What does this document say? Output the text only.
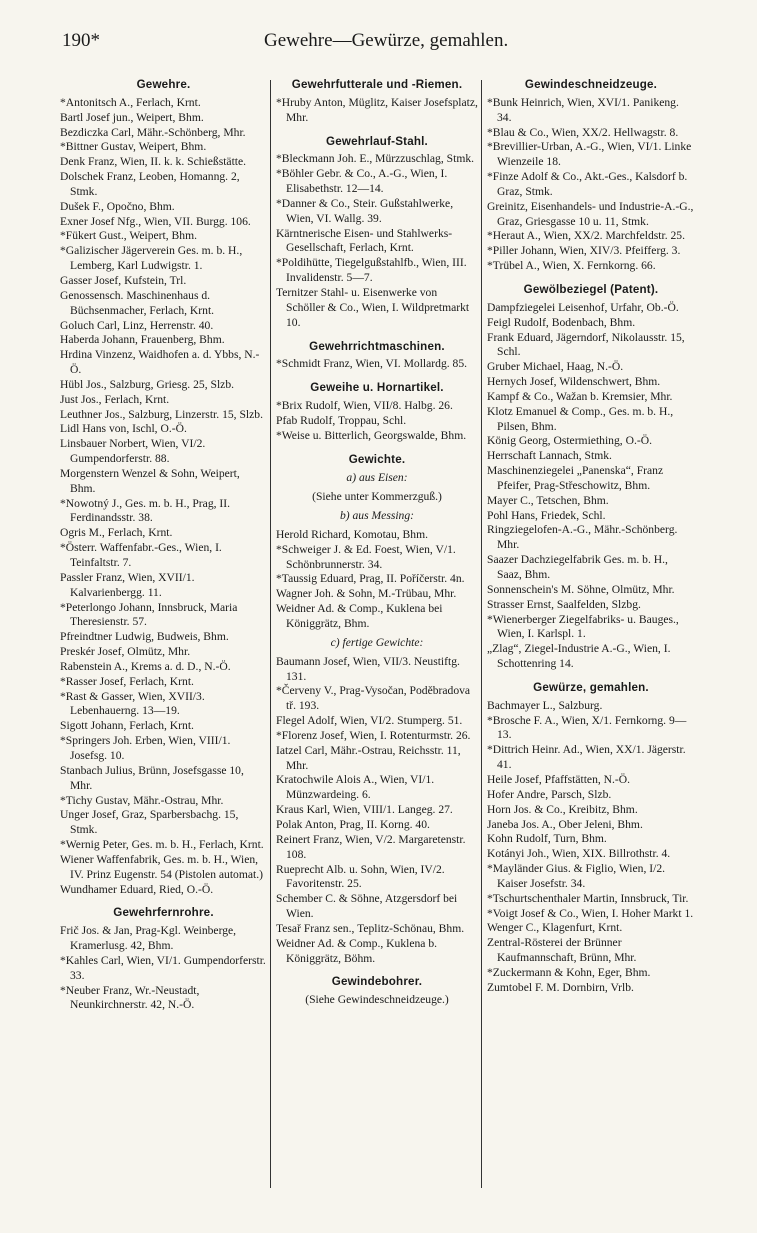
190*	Gewehre—Gewürze, gemahlen.
Gewehre.
*Antonitsch A., Ferlach, Krnt.
Bartl Josef jun., Weipert, Bhm.
Bezdiczka Carl, Mähr.-Schönberg, Mhr.
*Bittner Gustav, Weipert, Bhm.
Denk Franz, Wien, II. k. k. Schießstätte.
Dolschek Franz, Leoben, Homanng. 2, Stmk.
Dušek F., Opočno, Bhm.
Exner Josef Nfg., Wien, VII. Burgg. 106.
*Fükert Gust., Weipert, Bhm.
*Galizischer Jägerverein Ges. m. b. H., Lemberg, Karl Ludwigstr. 1.
Gasser Josef, Kufstein, Trl.
Genossensch. Maschinenhaus d. Büchsenmacher, Ferlach, Krnt.
Goluch Carl, Linz, Herrenstr. 40.
Haberda Johann, Frauenberg, Bhm.
Hrdina Vinzenz, Waidhofen a. d. Ybbs, N.-Ö.
Hübl Jos., Salzburg, Griesg. 25, Slzb.
Just Jos., Ferlach, Krnt.
Leuthner Jos., Salzburg, Linzerstr. 15, Slzb.
Lidl Hans von, Ischl, O.-Ö.
Linsbauer Norbert, Wien, VI/2. Gumpendorferstr. 88.
Morgenstern Wenzel & Sohn, Weipert, Bhm.
*Nowotný J., Ges. m. b. H., Prag, II. Ferdinandsstr. 38.
Ogris M., Ferlach, Krnt.
*Österr. Waffenfabr.-Ges., Wien, I. Teinfaltstr. 7.
Passler Franz, Wien, XVII/1. Kalvarienbergg. 11.
*Peterlongo Johann, Innsbruck, Maria Theresienstr. 57.
Pfreindtner Ludwig, Budweis, Bhm.
Preskér Josef, Olmütz, Mhr.
Rabenstein A., Krems a. d. D., N.-Ö.
*Rasser Josef, Ferlach, Krnt.
*Rast & Gasser, Wien, XVII/3. Lebenhauerng. 13—19.
Sigott Johann, Ferlach, Krnt.
*Springers Joh. Erben, Wien, VIII/1. Josefsg. 10.
Stanbach Julius, Brünn, Josefsgasse 10, Mhr.
*Tichy Gustav, Mähr.-Ostrau, Mhr.
Unger Josef, Graz, Sparbersbachg. 15, Stmk.
*Wernig Peter, Ges. m. b. H., Ferlach, Krnt.
Wiener Waffenfabrik, Ges. m. b. H., Wien, IV. Prinz Eugenstr. 54 (Pistolen automat.)
Wundhamer Eduard, Ried, O.-Ö.
Gewehrfernrohre.
Frič Jos. & Jan, Prag-Kgl. Weinberge, Kramerlusg. 42, Bhm.
*Kahles Carl, Wien, VI/1. Gumpendorferstr. 33.
*Neuber Franz, Wr.-Neustadt, Neunkirchnerstr. 42, N.-Ö.
Gewehrfutterale und -Riemen.
*Hruby Anton, Müglitz, Kaiser Josefsplatz, Mhr.
Gewehrlauf-Stahl.
*Bleckmann Joh. E., Mürzzuschlag, Stmk.
*Böhler Gebr. & Co., A.-G., Wien, I. Elisabethstr. 12—14.
*Danner & Co., Steir. Gußstahlwerke, Wien, VI. Wallg. 39.
Kärntnerische Eisen- und Stahlwerks-Gesellschaft, Ferlach, Krnt.
*Poldihütte, Tiegelgußstahlfb., Wien, III. Invalidenstr. 5—7.
Ternitzer Stahl- u. Eisenwerke von Schöller & Co., Wien, I. Wildpretmarkt 10.
Gewehrrichtmaschinen.
*Schmidt Franz, Wien, VI. Mollardg. 85.
Geweihe u. Hornartikel.
*Brix Rudolf, Wien, VII/8. Halbg. 26.
Pfab Rudolf, Troppau, Schl.
*Weise u. Bitterlich, Georgswalde, Bhm.
Gewichte.
a) aus Eisen:
(Siehe unter Kommerzguß.)
b) aus Messing:
Herold Richard, Komotau, Bhm.
*Schweiger J. & Ed. Foest, Wien, V/1. Schönbrunnerstr. 34.
*Taussig Eduard, Prag, II. Poříčerstr. 4n.
Wagner Joh. & Sohn, M.-Trübau, Mhr.
Weidner Ad. & Comp., Kuklena bei Königgrätz, Bhm.
c) fertige Gewichte:
Baumann Josef, Wien, VII/3. Neustiftg. 131.
*Červeny V., Prag-Vysočan, Poděbradova tř. 193.
Flegel Adolf, Wien, VI/2. Stumperg. 51.
*Florenz Josef, Wien, I. Rotenturmstr. 26.
Iatzel Carl, Mähr.-Ostrau, Reichsstr. 11, Mhr.
Kratochwile Alois A., Wien, VI/1. Münzwardeing. 6.
Kraus Karl, Wien, VIII/1. Langeg. 27.
Polak Anton, Prag, II. Korng. 40.
Reinert Franz, Wien, V/2. Margaretenstr. 108.
Rueprecht Alb. u. Sohn, Wien, IV/2. Favoritenstr. 25.
Schember C. & Söhne, Atzgersdorf bei Wien.
Tesař Franz sen., Teplitz-Schönau, Bhm.
Weidner Ad. & Comp., Kuklena b. Königgrätz, Böhm.
Gewindebohrer.
(Siehe Gewindeschneidzeuge.)
Gewindeschneidzeuge.
*Bunk Heinrich, Wien, XVI/1. Panikeng. 34.
*Blau & Co., Wien, XX/2. Hellwagstr. 8.
*Brevillier-Urban, A.-G., Wien, VI/1. Linke Wienzeile 18.
*Finze Adolf & Co., Akt.-Ges., Kalsdorf b. Graz, Stmk.
Greinitz, Eisenhandels- und Industrie-A.-G., Graz, Griesgasse 10 u. 11, Stmk.
*Heraut A., Wien, XX/2. Marchfeldstr. 25.
*Piller Johann, Wien, XIV/3. Pfeifferg. 3.
*Trübel A., Wien, X. Fernkorng. 66.
Gewölbeziegel (Patent).
Dampfziegelei Leisenhof, Urfahr, Ob.-Ö.
Feigl Rudolf, Bodenbach, Bhm.
Frank Eduard, Jägerndorf, Nikolausstr. 15, Schl.
Gruber Michael, Haag, N.-Ö.
Hernych Josef, Wildenschwert, Bhm.
Kampf & Co., Wažan b. Kremsier, Mhr.
Klotz Emanuel & Comp., Ges. m. b. H., Pilsen, Bhm.
König Georg, Ostermiething, O.-Ö.
Herrschaft Lannach, Stmk.
Maschinenziegelei „Panenska“, Franz Pfeifer, Prag-Střeschowitz, Bhm.
Mayer C., Tetschen, Bhm.
Pohl Hans, Friedek, Schl.
Ringziegelofen-A.-G., Mähr.-Schönberg. Mhr.
Saazer Dachziegelfabrik Ges. m. b. H., Saaz, Bhm.
Sonnenschein's M. Söhne, Olmütz, Mhr.
Strasser Ernst, Saalfelden, Slzbg.
*Wienerberger Ziegelfabriks- u. Bauges., Wien, I. Karlspl. 1.
„Zlag“, Ziegel-Industrie A.-G., Wien, I. Schottenring 14.
Gewürze, gemahlen.
Bachmayer L., Salzburg.
*Brosche F. A., Wien, X/1. Fernkorng. 9—13.
*Dittrich Heinr. Ad., Wien, XX/1. Jägerstr. 41.
Heile Josef, Pfaffstätten, N.-Ö.
Hofer Andre, Parsch, Slzb.
Horn Jos. & Co., Kreibitz, Bhm.
Janeba Jos. A., Ober Jeleni, Bhm.
Kohn Rudolf, Turn, Bhm.
Kotányi Joh., Wien, XIX. Billrothstr. 4.
*Mayländer Gius. & Figlio, Wien, I/2. Kaiser Josefstr. 34.
*Tschurtschenthaler Martin, Innsbruck, Tir.
*Voigt Josef & Co., Wien, I. Hoher Markt 1.
Wenger C., Klagenfurt, Krnt.
Zentral-Rösterei der Brünner Kaufmannschaft, Brünn, Mhr.
*Zuckermann & Kohn, Eger, Bhm.
Zumtobel F. M. Dornbirn, Vrlb.
